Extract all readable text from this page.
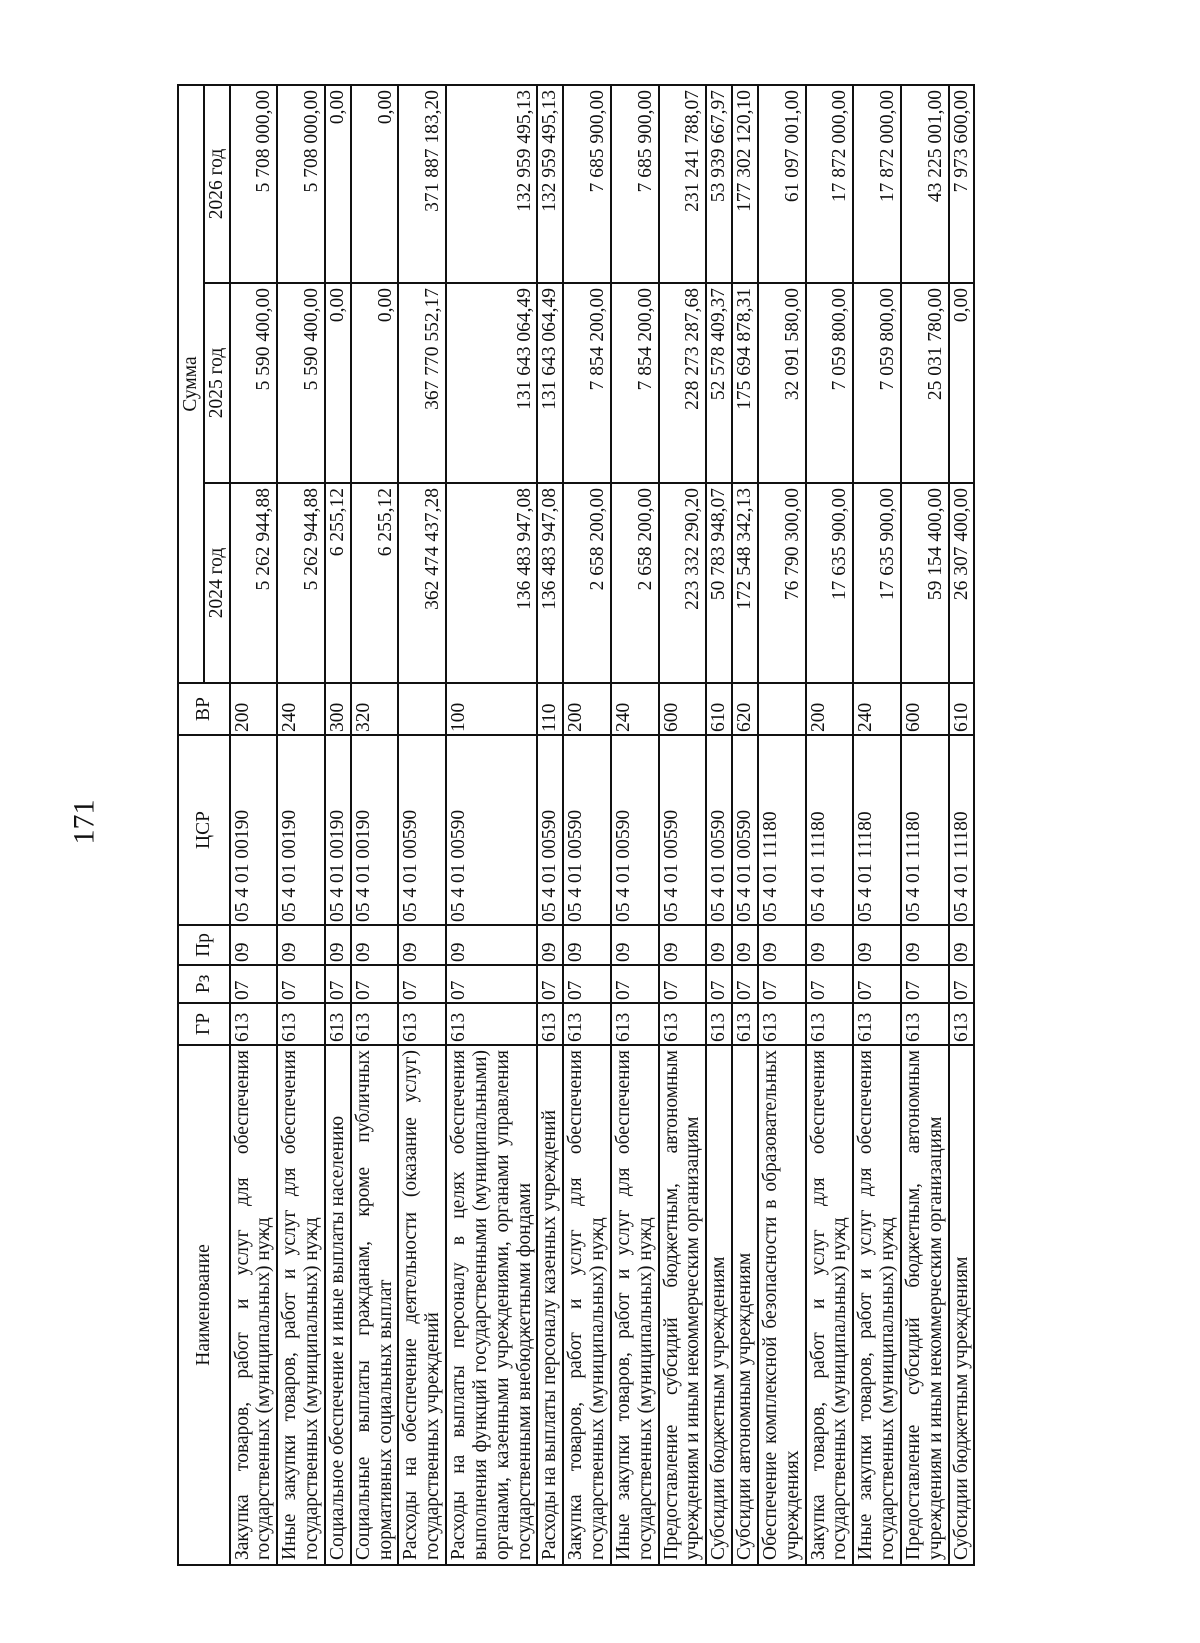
171
Наименование	ГР	Рз	Пр	ЦСР	ВР	Сумма		
						2024 год	2025 год	2026 год
Закупка товаров, работ и услуг для обеспечения государственных (муниципальных) нужд	613	07	09	05 4 01 00190	200	5 262 944,88	5 590 400,00	5 708 000,00
Иные закупки товаров, работ и услуг для обеспечения государственных (муниципальных) нужд	613	07	09	05 4 01 00190	240	5 262 944,88	5 590 400,00	5 708 000,00
Социальное обеспечение и иные выплаты населению	613	07	09	05 4 01 00190	300	6 255,12	0,00	0,00
Социальные выплаты гражданам, кроме публичных нормативных социальных выплат	613	07	09	05 4 01 00190	320	6 255,12	0,00	0,00
Расходы на обеспечение деятельности (оказание услуг) государственных учреждений	613	07	09	05 4 01 00590		362 474 437,28	367 770 552,17	371 887 183,20
Расходы на выплаты персоналу в целях обеспечения выполнения функций государственными (муниципальными) органами, казенными учреждениями, органами управления государственными внебюджетными фондами	613	07	09	05 4 01 00590	100	136 483 947,08	131 643 064,49	132 959 495,13
Расходы на выплаты персоналу казенных учреждений	613	07	09	05 4 01 00590	110	136 483 947,08	131 643 064,49	132 959 495,13
Закупка товаров, работ и услуг для обеспечения государственных (муниципальных) нужд	613	07	09	05 4 01 00590	200	2 658 200,00	7 854 200,00	7 685 900,00
Иные закупки товаров, работ и услуг для обеспечения государственных (муниципальных) нужд	613	07	09	05 4 01 00590	240	2 658 200,00	7 854 200,00	7 685 900,00
Предоставление субсидий бюджетным, автономным учреждениям и иным некоммерческим организациям	613	07	09	05 4 01 00590	600	223 332 290,20	228 273 287,68	231 241 788,07
Субсидии бюджетным учреждениям	613	07	09	05 4 01 00590	610	50 783 948,07	52 578 409,37	53 939 667,97
Субсидии автономным учреждениям	613	07	09	05 4 01 00590	620	172 548 342,13	175 694 878,31	177 302 120,10
Обеспечение комплексной безопасности в образовательных учреждениях	613	07	09	05 4 01 11180		76 790 300,00	32 091 580,00	61 097 001,00
Закупка товаров, работ и услуг для обеспечения государственных (муниципальных) нужд	613	07	09	05 4 01 11180	200	17 635 900,00	7 059 800,00	17 872 000,00
Иные закупки товаров, работ и услуг для обеспечения государственных (муниципальных) нужд	613	07	09	05 4 01 11180	240	17 635 900,00	7 059 800,00	17 872 000,00
Предоставление субсидий бюджетным, автономным учреждениям и иным некоммерческим организациям	613	07	09	05 4 01 11180	600	59 154 400,00	25 031 780,00	43 225 001,00
Субсидии бюджетным учреждениям	613	07	09	05 4 01 11180	610	26 307 400,00	0,00	7 973 600,00
